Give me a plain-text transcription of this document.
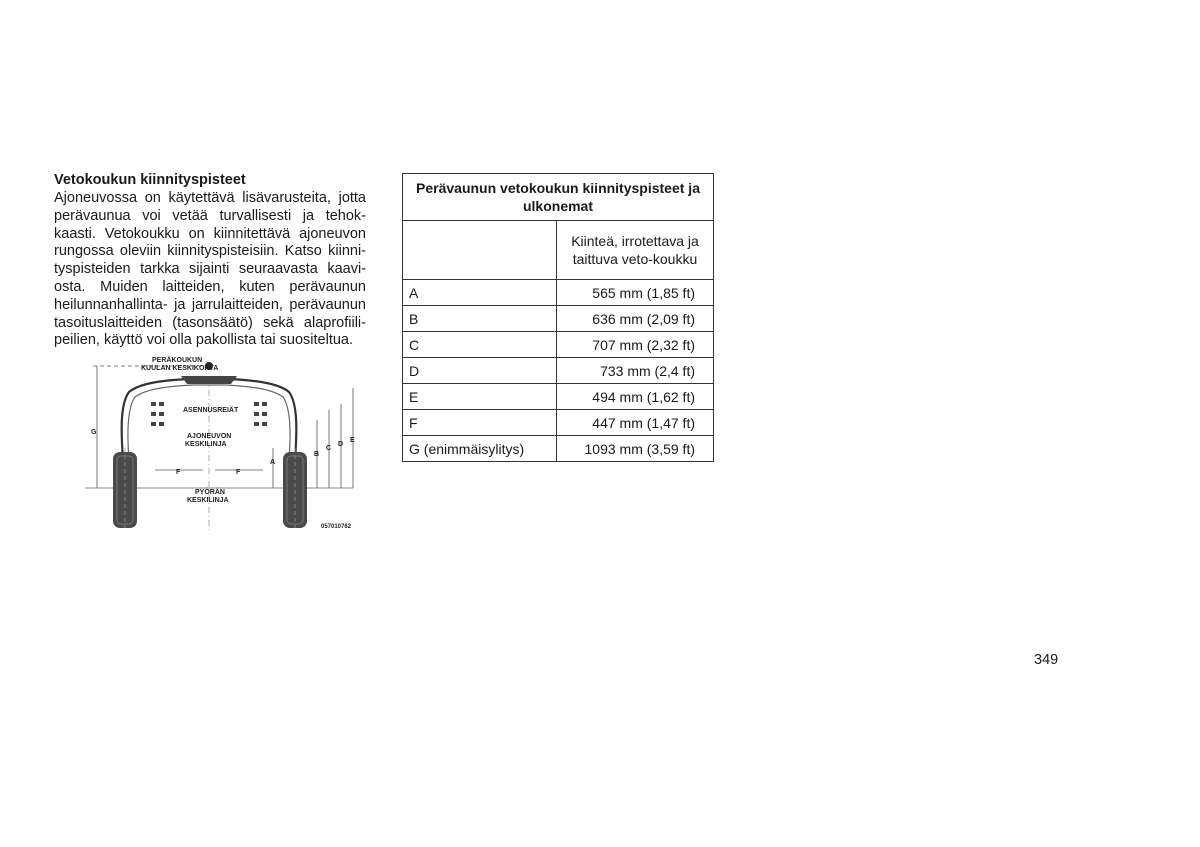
Vetokoukun kiinnityspisteet
Ajoneuvossa on käytettävä lisävarusteita, jotta
perävaunua voi vetää turvallisesti ja tehok-
kaasti. Vetokoukku on kiinnitettävä ajoneuvon
rungossa oleviin kiinnityspisteisiin. Katso kiinni-
tyspisteiden tarkka sijainti seuraavasta kaavi-
osta. Muiden laitteiden, kuten perävaunun
heilunnanhallinta- ja jarrulaitteiden, perävaunun
tasoituslaitteiden (tasonsäätö) sekä alaprofiili-
peilien, käyttö voi olla pakollista tai suositeltua.
PERÄKOUKUN
KUULAN KESKIKOHTA
ASENNUSREIÄT
AJONEUVON
KESKILINJA
PYÖRÄN
KESKILINJA
057010762
G
A
B
C
D
E
F	F
Perävaunun vetokoukun kiinnityspisteet ja ulkonemat	
	Kiinteä, irrotettava ja taittuva veto-koukku
A	565 mm (1,85 ft)
B	636 mm (2,09 ft)
C	707 mm (2,32 ft)
D	733 mm (2,4 ft)
E	494 mm (1,62 ft)
F	447 mm (1,47 ft)
G (enimmäisylitys)	1093 mm (3,59 ft)
349
